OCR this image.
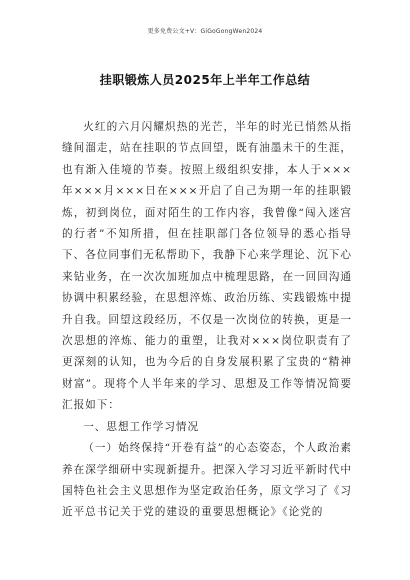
更多免费公文+V：GiGoGongWen2024
挂职锻炼人员2025年上半年工作总结

火红的六月闪耀炽热的光芒，半年的时光已悄然从指缝间溜走，站在挂职的节点回望，既有油墨未干的生涯，也有渐入佳境的节奏。按照上级组织安排，本人于×××年×××月×××日在×××开启了自己为期一年的挂职锻炼，初到岗位，面对陌生的工作内容，我曾像“闯入迷宫的行者”不知所措，但在挂职部门各位领导的悉心指导下、各位同事们无私帮助下，我静下心来学理论、沉下心来钻业务，在一次次加班加点中梳理思路，在一回回沟通协调中积累经验，在思想淬炼、政治历练、实践锻炼中提升自我。回望这段经历，不仅是一次岗位的转换，更是一次思想的淬炼、能力的重塑，让我对×××岗位职责有了更深刻的认知，也为今后的自身发展积累了宝贵的“精神财富”。现将个人半年来的学习、思想及工作等情况简要汇报如下：

一、思想工作学习情况

（一）始终保持“开卷有益”的心态姿态，个人政治素养在深学细研中实现新提升。把深入学习习近平新时代中国特色社会主义思想作为坚定政治任务，原文学习了《习近平总书记关于党的建设的重要思想概论》《论党的
